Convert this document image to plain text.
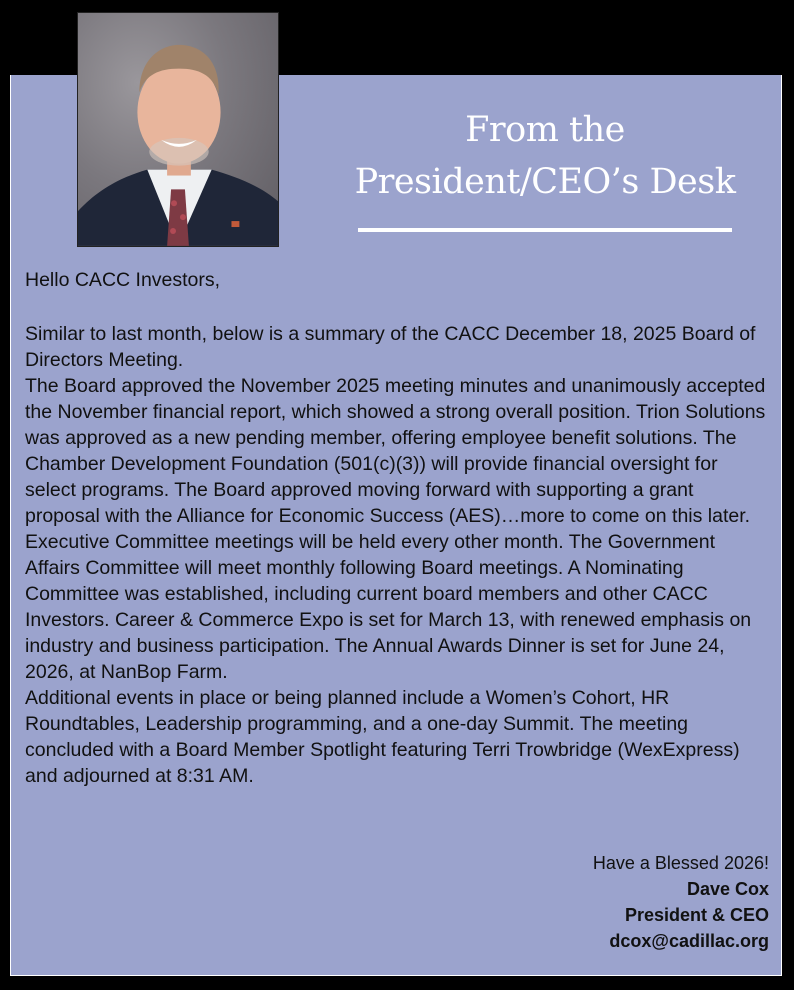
From the
President/CEO’s Desk

Hello CACC Investors,

Similar to last month, below is a summary of the CACC December 18, 2025 Board of Directors Meeting.

The Board approved the November 2025 meeting minutes and unanimously accepted the November financial report, which showed a strong overall position. Trion Solutions was approved as a new pending member, offering employee benefit solutions. The Chamber Development Foundation (501(c)(3)) will provide financial oversight for select programs. The Board approved moving forward with supporting a grant proposal with the Alliance for Economic Success (AES)…more to come on this later.

Executive Committee meetings will be held every other month. The Government Affairs Committee will meet monthly following Board meetings. A Nominating Committee was established, including current board members and other CACC Investors. Career & Commerce Expo is set for March 13, with renewed emphasis on industry and business participation. The Annual Awards Dinner is set for June 24, 2026, at NanBop Farm.

Additional events in place or being planned include a Women’s Cohort, HR Roundtables, Leadership programming, and a one-day Summit. The meeting concluded with a Board Member Spotlight featuring Terri Trowbridge (WexExpress) and adjourned at 8:31 AM.

Have a Blessed 2026!
Dave Cox
President & CEO
dcox@cadillac.org
